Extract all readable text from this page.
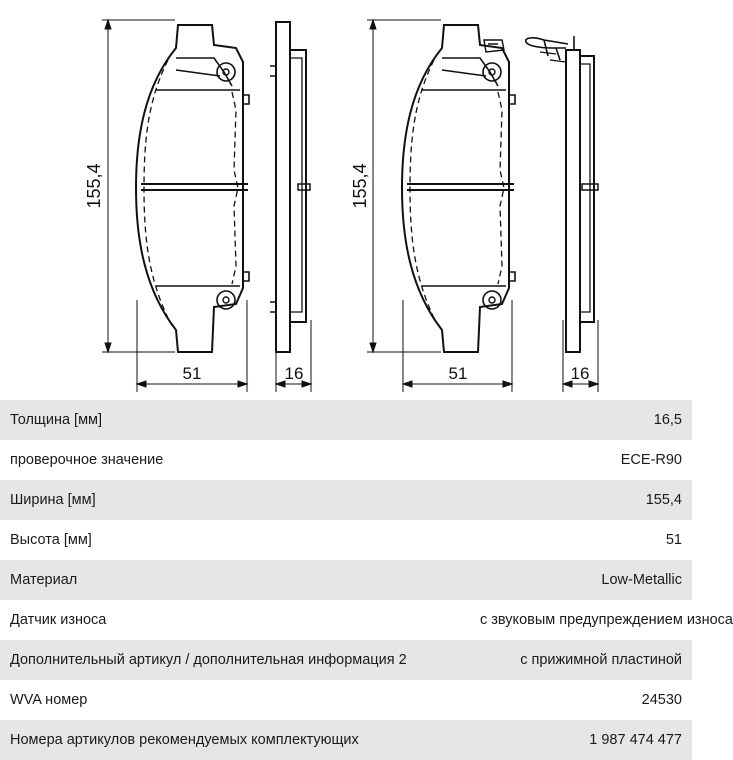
155,4
51	16
155,4
51	16
Толщина [мм]	16,5
проверочное значение	ECE-R90
Ширина [мм]	155,4
Высота [мм]	51
Материал	Low-Metallic
Датчик износа	с звуковым предупреждением износа
Дополнительный артикул / дополнительная информация 2	с прижимной пластиной
WVA номер	24530
Номера артикулов рекомендуемых комплектующих	1 987 474 477
